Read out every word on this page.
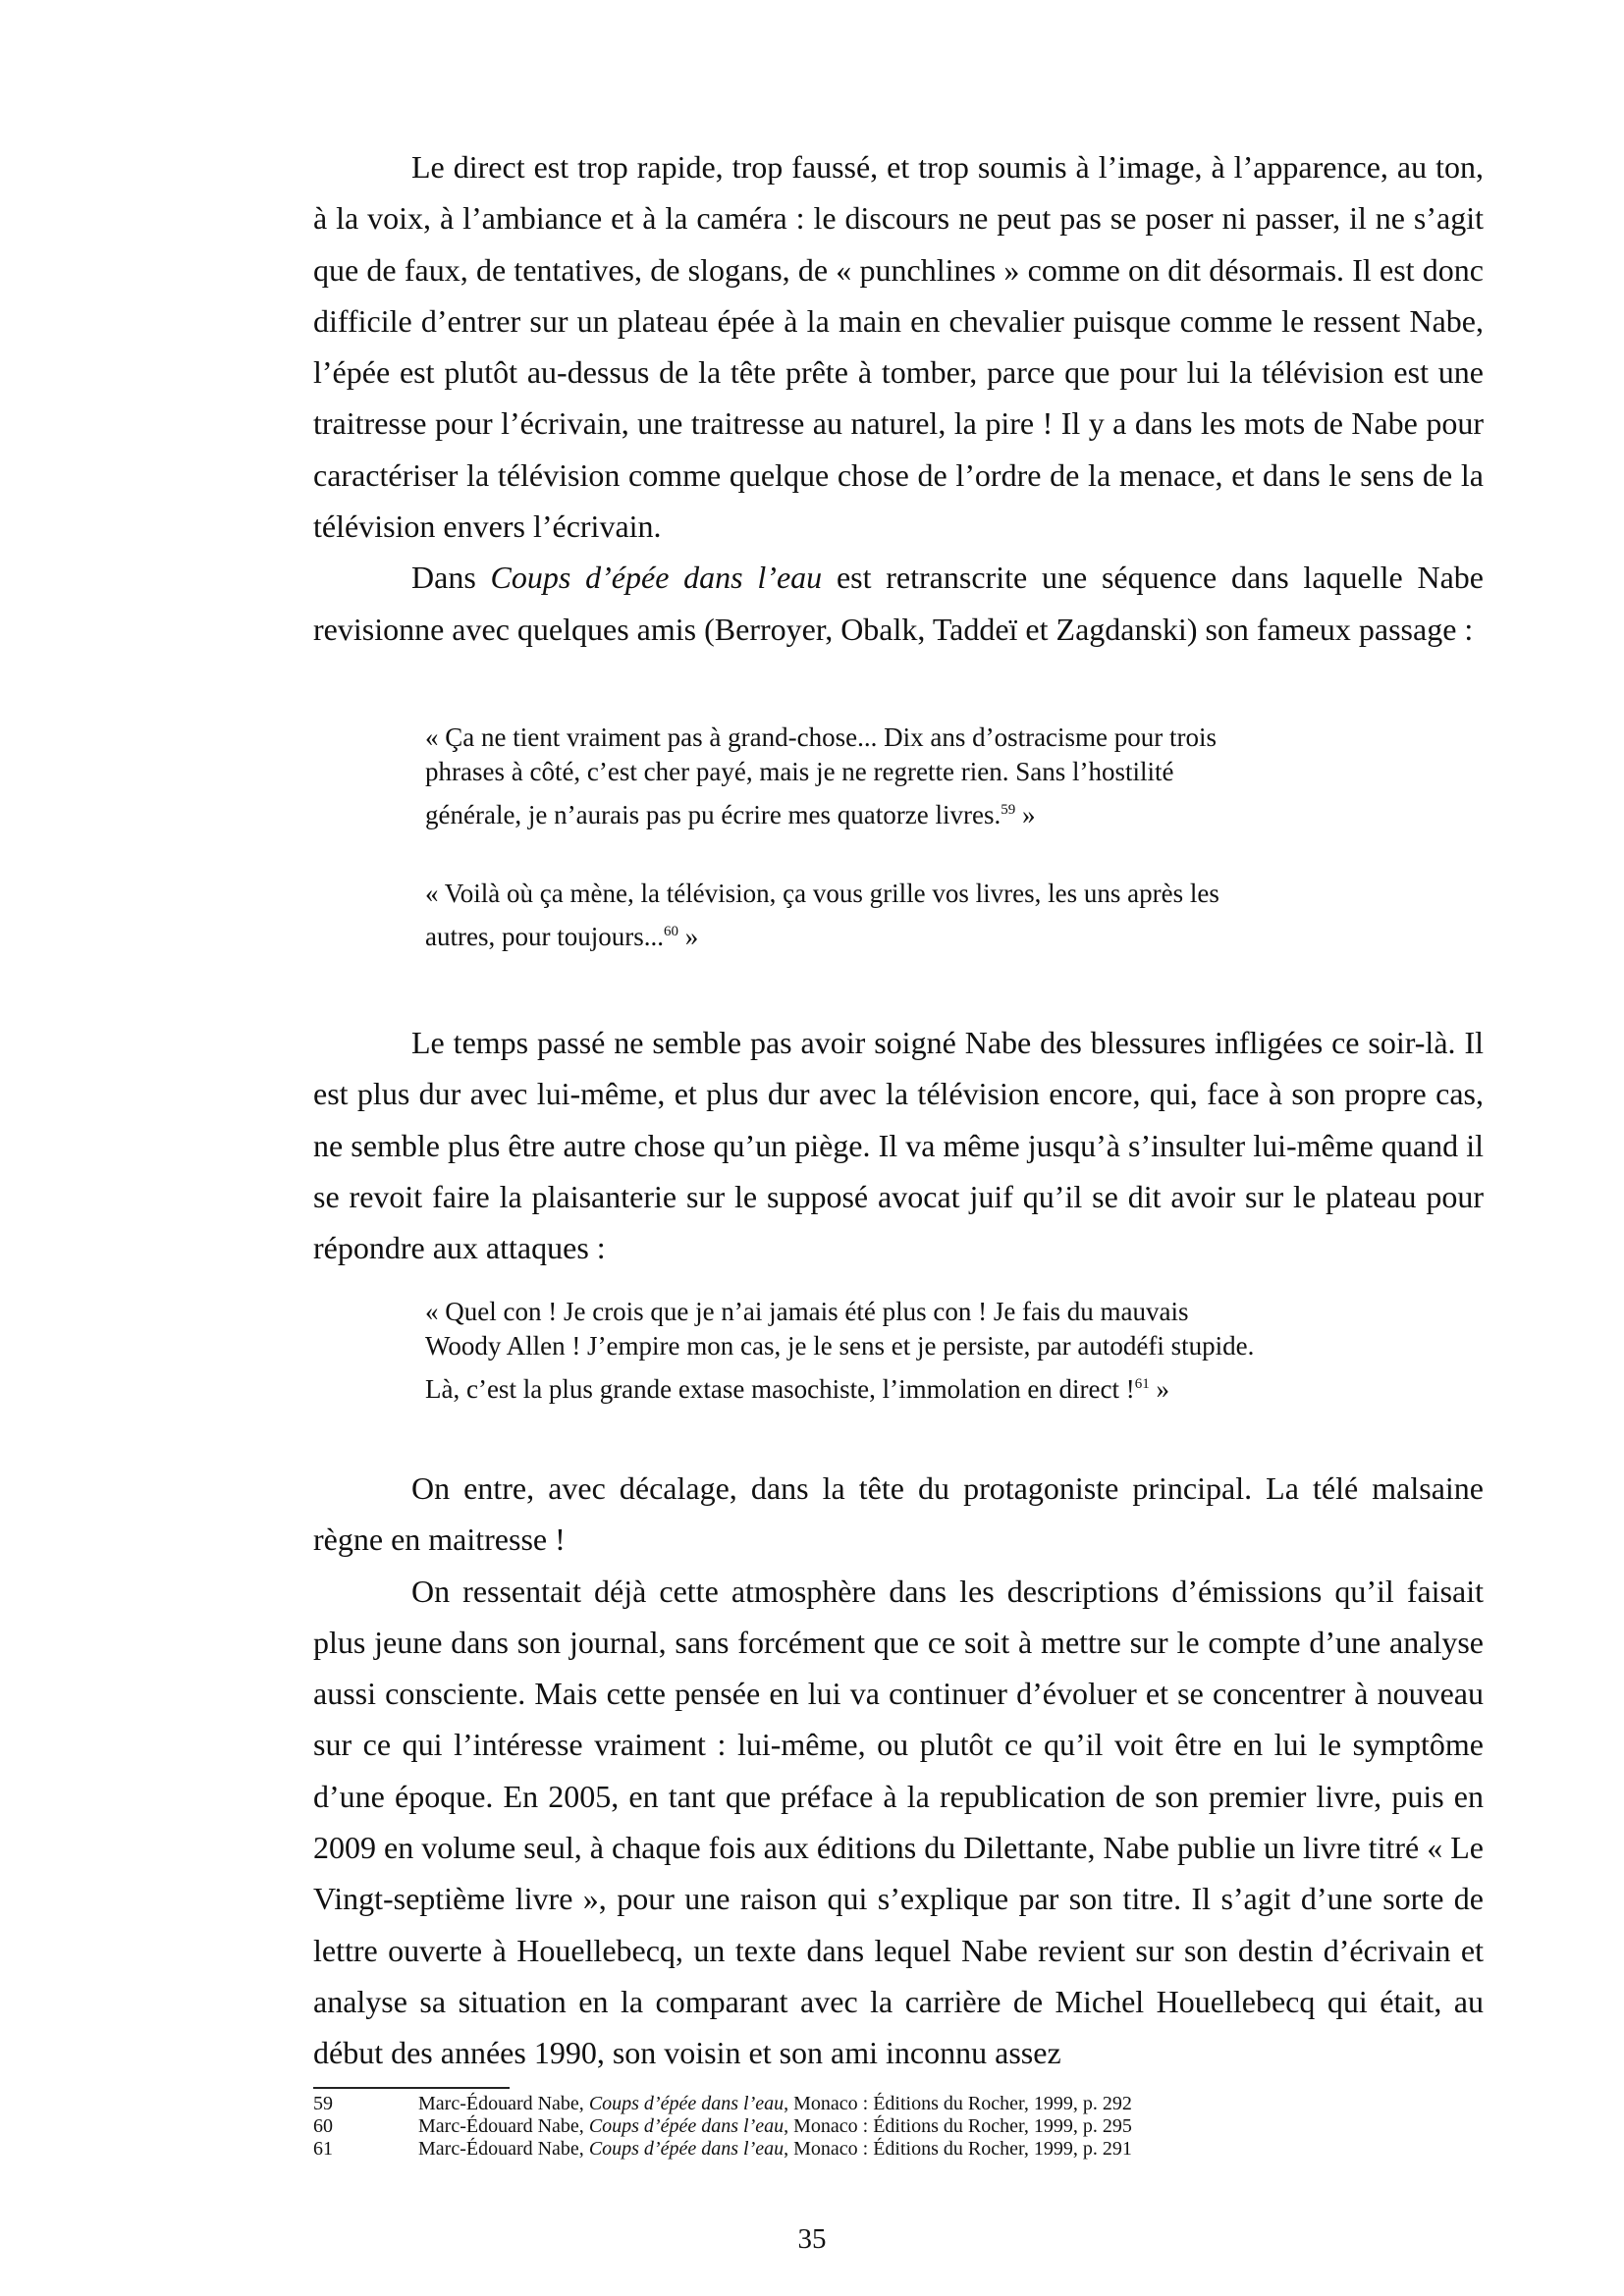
Le direct est trop rapide, trop faussé, et trop soumis à l’image, à l’apparence, au ton, à la voix, à l’ambiance et à la caméra : le discours ne peut pas se poser ni passer, il ne s’agit que de faux, de tentatives, de slogans, de « punchlines » comme on dit désormais. Il est donc difficile d’entrer sur un plateau épée à la main en chevalier puisque comme le ressent Nabe, l’épée est plutôt au-dessus de la tête prête à tomber, parce que pour lui la télévision est une traitresse pour l’écrivain, une traitresse au naturel, la pire ! Il y a dans les mots de Nabe pour caractériser la télévision comme quelque chose de l’ordre de la menace, et dans le sens de la télévision envers l’écrivain.

Dans Coups d’épée dans l’eau est retranscrite une séquence dans laquelle Nabe revisionne avec quelques amis (Berroyer, Obalk, Taddeï et Zagdanski) son fameux passage :

« Ça ne tient vraiment pas à grand-chose... Dix ans d’ostracisme pour trois

phrases à côté, c’est cher payé, mais je ne regrette rien. Sans l’hostilité

générale, je n’aurais pas pu écrire mes quatorze livres.$^{59}$ »

« Voilà où ça mène, la télévision, ça vous grille vos livres, les uns après les

autres, pour toujours...$^{60}$ »

Le temps passé ne semble pas avoir soigné Nabe des blessures infligées ce soir-là. Il est plus dur avec lui-même, et plus dur avec la télévision encore, qui, face à son propre cas, ne semble plus être autre chose qu’un piège. Il va même jusqu’à s’insulter lui-même quand il se revoit faire la plaisanterie sur le supposé avocat juif qu’il se dit avoir sur le plateau pour répondre aux attaques :

« Quel con ! Je crois que je n’ai jamais été plus con ! Je fais du mauvais

Woody Allen ! J’empire mon cas, je le sens et je persiste, par autodéfi stupide.

Là, c’est la plus grande extase masochiste, l’immolation en direct !$^{61}$ »

On entre, avec décalage, dans la tête du protagoniste principal. La télé malsaine règne en maitresse !

On ressentait déjà cette atmosphère dans les descriptions d’émissions qu’il faisait plus jeune dans son journal, sans forcément que ce soit à mettre sur le compte d’une analyse aussi consciente. Mais cette pensée en lui va continuer d’évoluer et se concentrer à nouveau sur ce qui l’intéresse vraiment : lui-même, ou plutôt ce qu’il voit être en lui le symptôme d’une époque. En 2005, en tant que préface à la republication de son premier livre, puis en 2009 en volume seul, à chaque fois aux éditions du Dilettante, Nabe publie un livre titré « Le Vingt-septième livre », pour une raison qui s’explique par son titre. Il s’agit d’une sorte de lettre ouverte à Houellebecq, un texte dans lequel Nabe revient sur son destin d’écrivain et analyse sa situation en la comparant avec la carrière de Michel Houellebecq qui était, au début des années 1990, son voisin et son ami inconnu assez

59	Marc-Édouard Nabe, Coups d’épée dans l’eau, Monaco : Éditions du Rocher, 1999, p. 292
60	Marc-Édouard Nabe, Coups d’épée dans l’eau, Monaco : Éditions du Rocher, 1999, p. 295
61	Marc-Édouard Nabe, Coups d’épée dans l’eau, Monaco : Éditions du Rocher, 1999, p. 291
35
